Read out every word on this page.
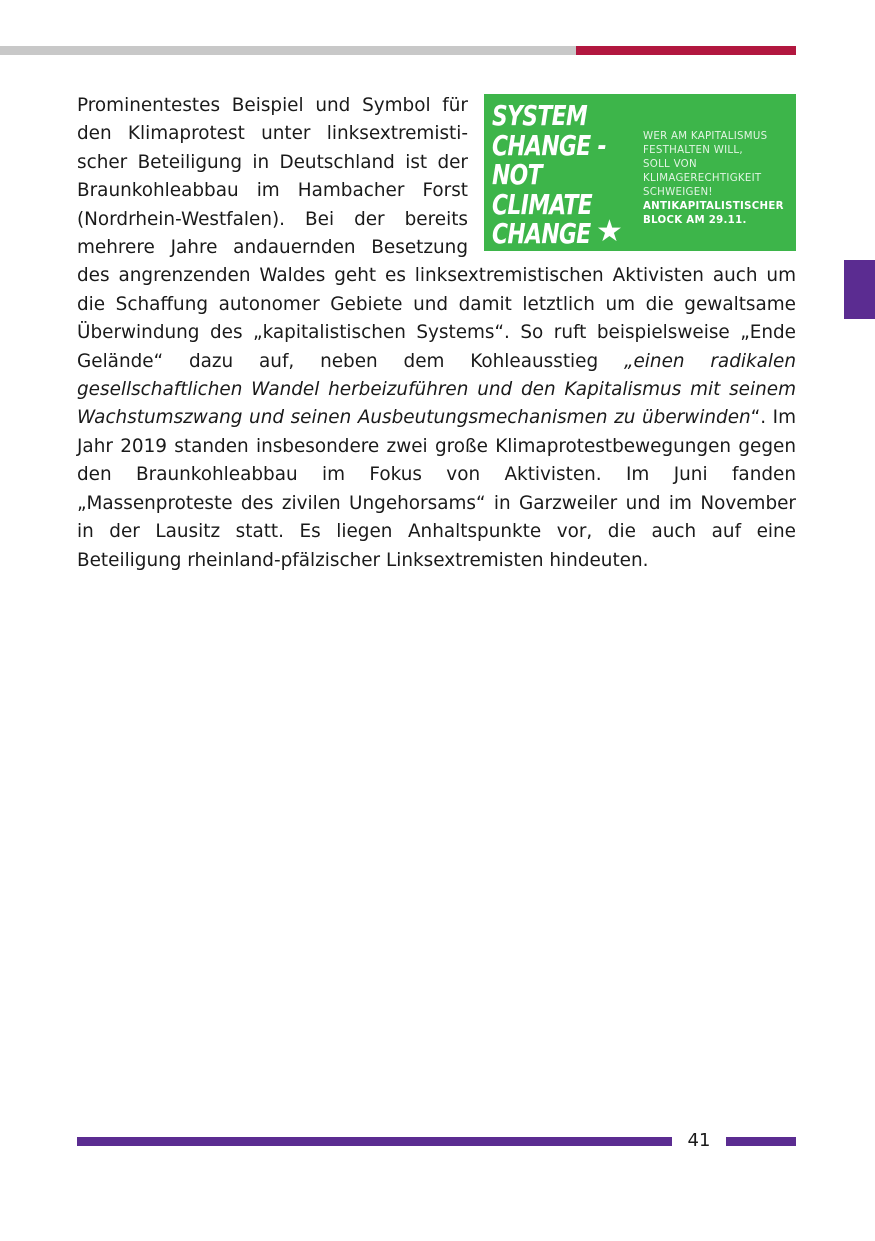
SYSTEM
CHANGE -
NOT
CLIMATE
CHANGE ★
WER AM KAPITALISMUS
FESTHALTEN WILL,
SOLL VON
KLIMAGERECHTIGKEIT
SCHWEIGEN!
ANTIKAPITALISTISCHER
BLOCK AM 29.11.

Prominentestes Beispiel und Symbol für den Klimaprotest unter linksextremistischer Beteiligung in Deutschland ist der Braunkohleabbau im Hambacher Forst (Nordrhein-Westfalen). Bei der bereits mehrere Jahre andauernden Besetzung des angrenzenden Waldes geht es linksextremistischen Aktivisten auch um die Schaffung autonomer Gebiete und damit letztlich um die gewaltsame Überwindung des „kapitalistischen Systems“. So ruft beispielsweise „Ende Gelände“ dazu auf, neben dem Kohleausstieg „einen radikalen gesellschaftlichen Wandel herbeizuführen und den Kapitalismus mit seinem Wachstumszwang und seinen Ausbeutungsmechanismen zu überwinden“. Im Jahr 2019 standen insbesondere zwei große Klimaprotestbewegungen gegen den Braunkohleabbau im Fokus von Aktivisten. Im Juni fanden „Massenproteste des zivilen Ungehorsams“ in Garzweiler und im November in der Lausitz statt. Es liegen Anhaltspunkte vor, die auch auf eine Beteiligung rheinland-pfälzischer Linksextremisten hindeuten.

41
